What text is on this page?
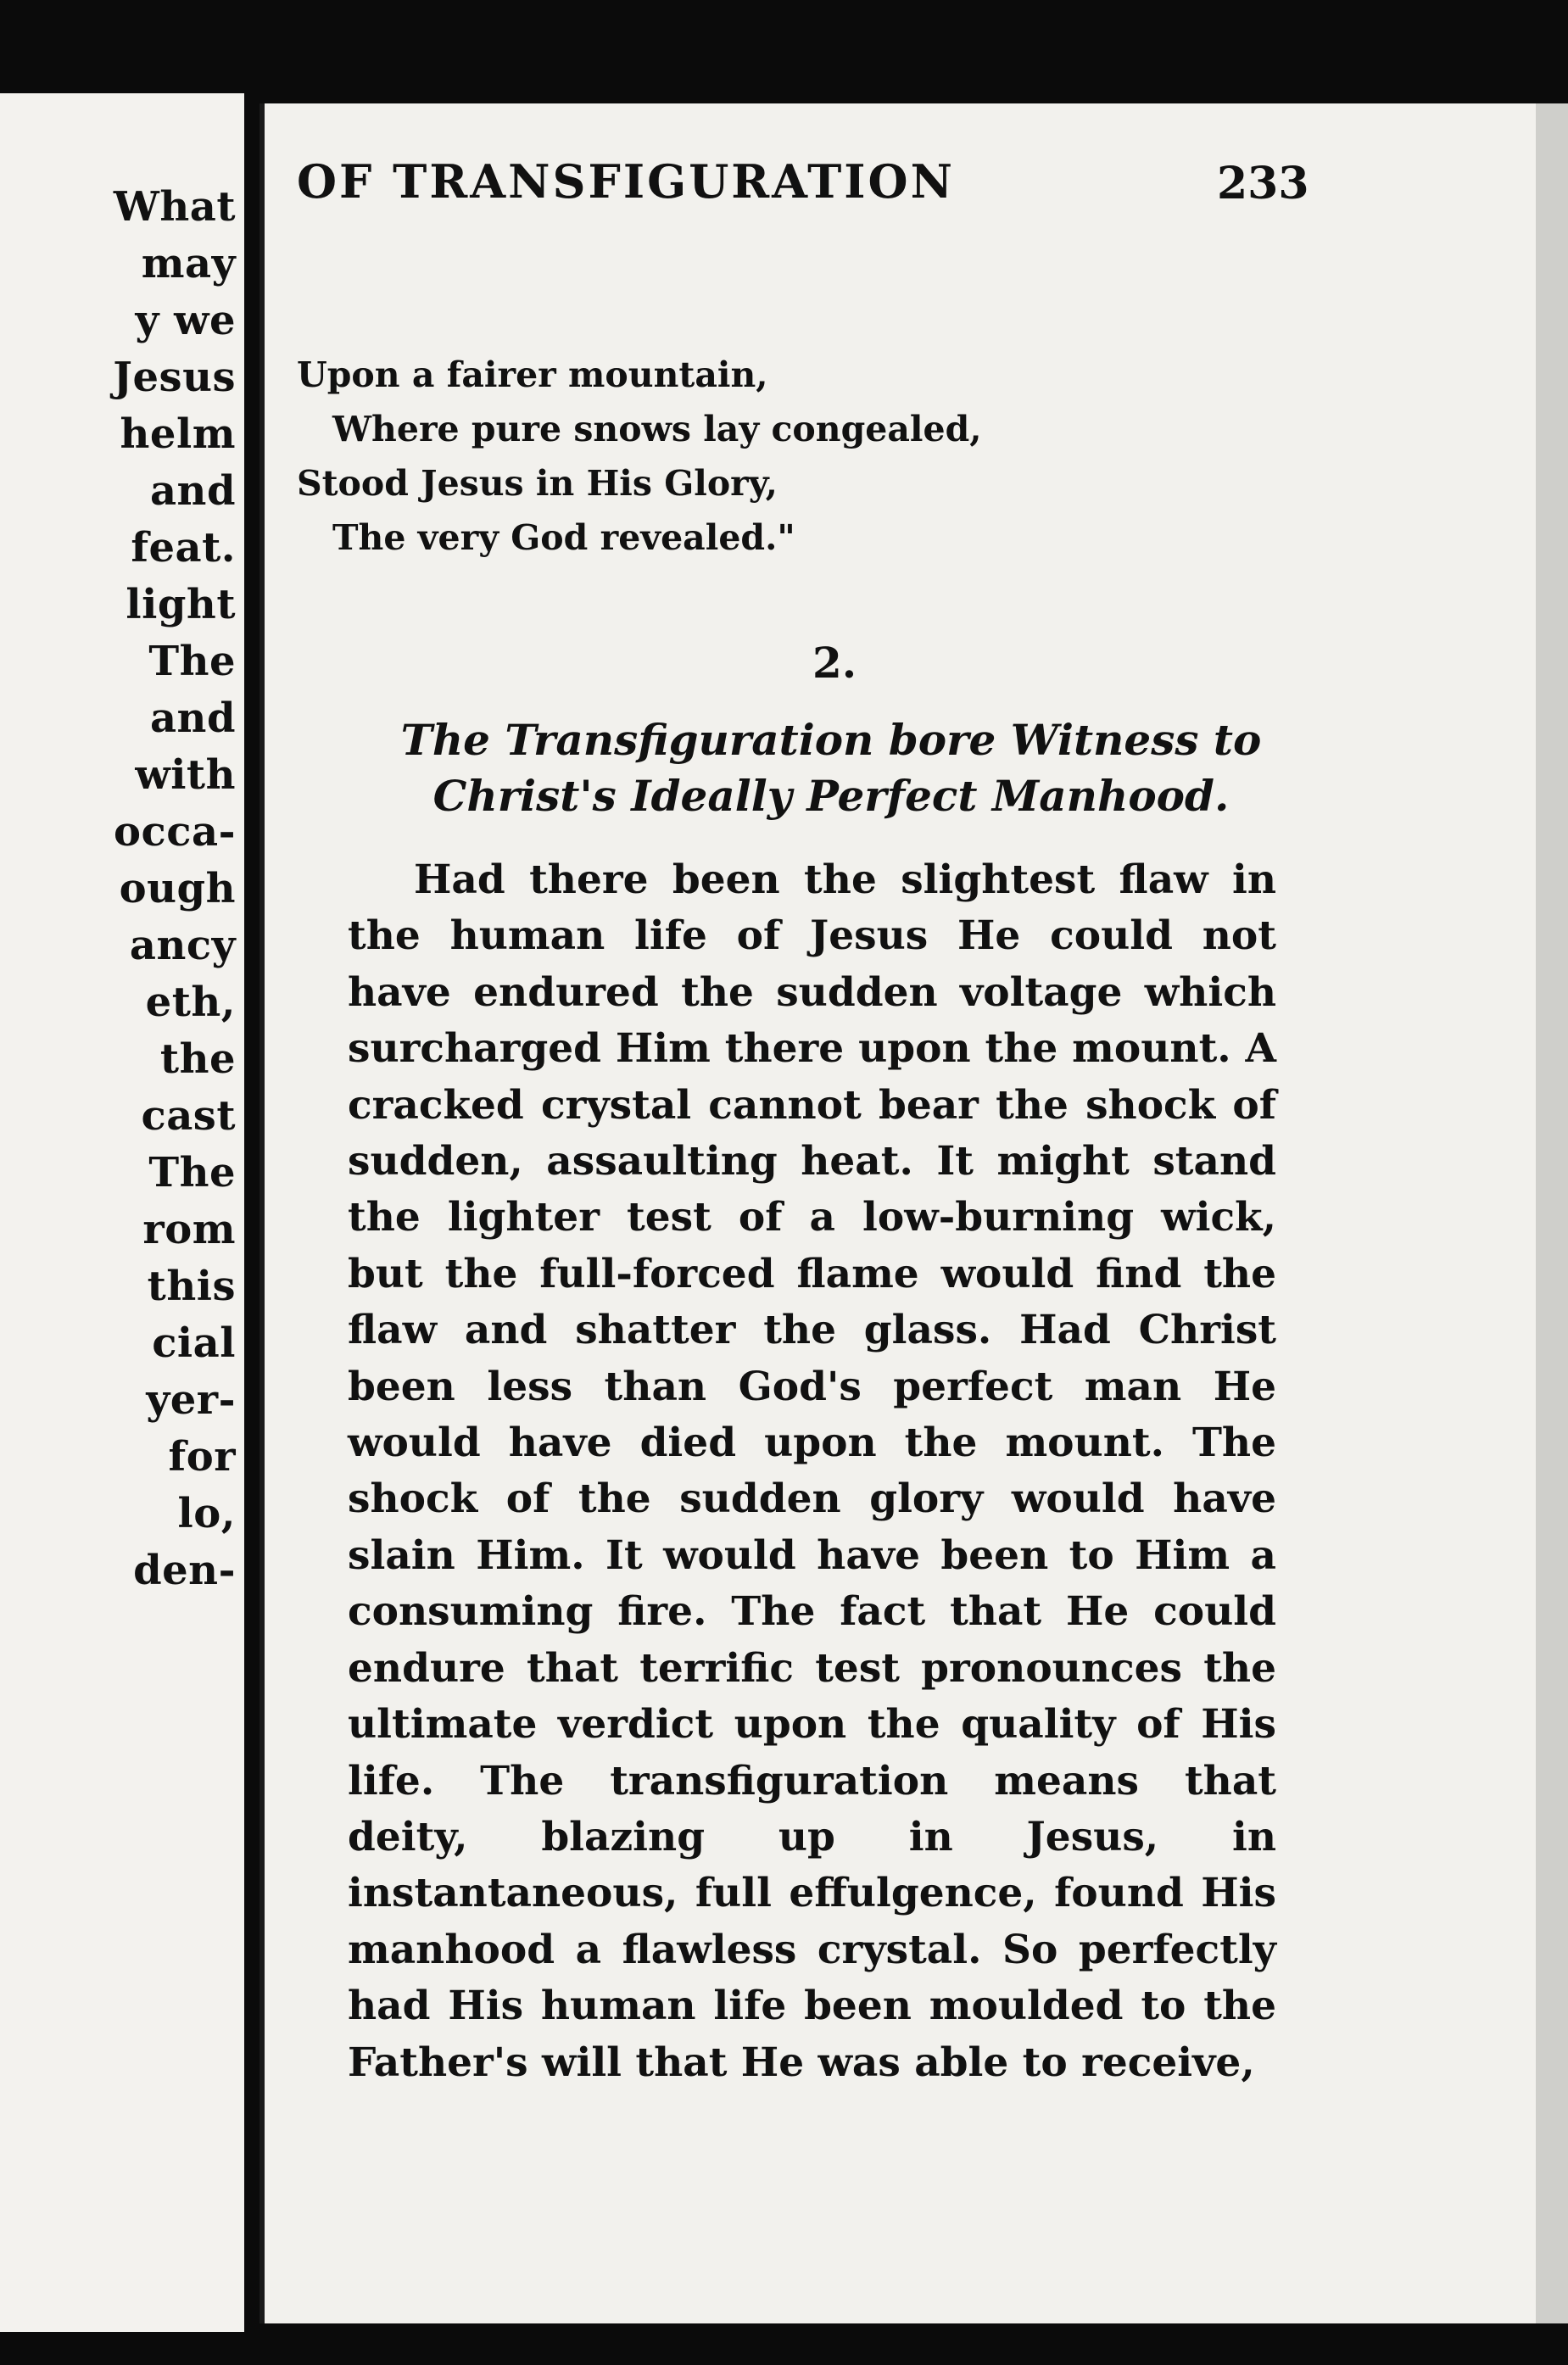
What
may
y we
Jesus
helm
and
feat.
light
The
and
with
occa-
ough
ancy
eth,
the
cast
The
rom
this
cial
yer-
for
lo,
den-
OF TRANSFIGURATION	233
Upon a fairer mountain,
Where pure snows lay congealed,
Stood Jesus in His Glory,
The very God revealed."
2.
The Transfiguration bore Witness to Christ's Ideally Perfect Manhood.
Had there been the slightest flaw in the human life of Jesus He could not have endured the sudden voltage which surcharged Him there upon the mount. A cracked crystal cannot bear the shock of sudden, assaulting heat. It might stand the lighter test of a low-burning wick, but the full-forced flame would find the flaw and shatter the glass. Had Christ been less than God's perfect man He would have died upon the mount. The shock of the sudden glory would have slain Him. It would have been to Him a consuming fire. The fact that He could endure that terrific test pronounces the ultimate verdict upon the quality of His life. The transfiguration means that deity, blazing up in Jesus, in instantaneous, full effulgence, found His manhood a flawless crystal. So perfectly had His human life been moulded to the Father's will that He was able to receive,
